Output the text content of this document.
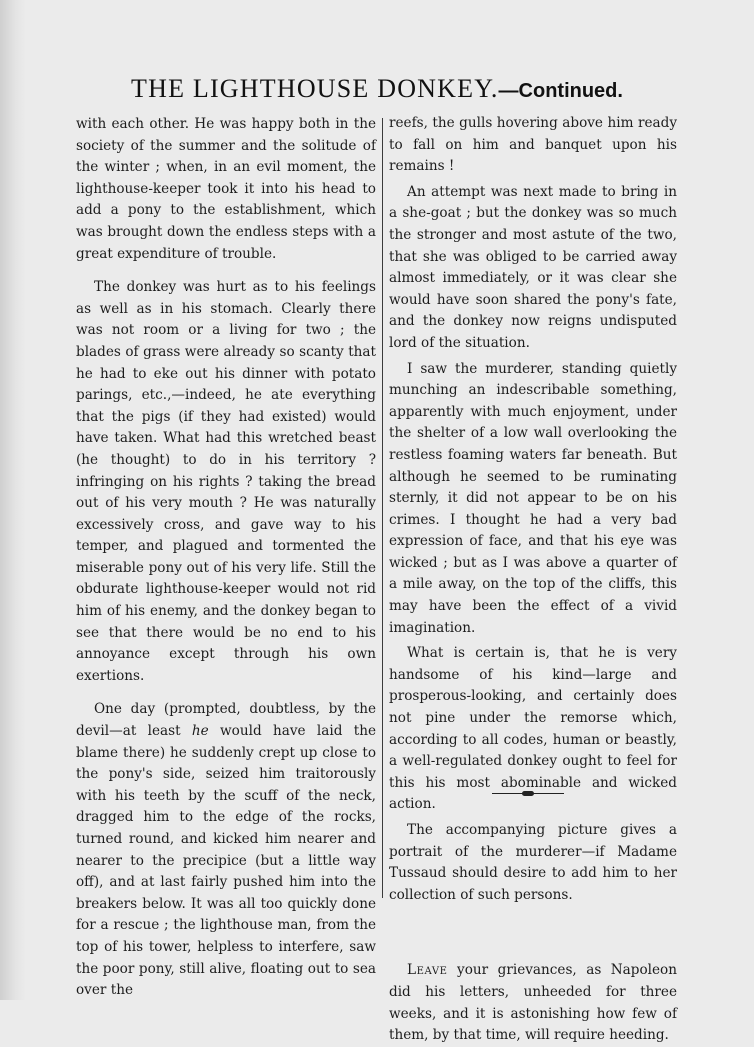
THE LIGHTHOUSE DONKEY.—Continued.

with each other. He was happy both in the society of the summer and the solitude of the winter ; when, in an evil moment, the lighthouse-keeper took it into his head to add a pony to the establishment, which was brought down the endless steps with a great expenditure of trouble.

The donkey was hurt as to his feelings as well as in his stomach. Clearly there was not room or a living for two ; the blades of grass were already so scanty that he had to eke out his dinner with potato parings, etc.,—indeed, he ate everything that the pigs (if they had existed) would have taken. What had this wretched beast (he thought) to do in his territory ? infringing on his rights ? taking the bread out of his very mouth ? He was naturally excessively cross, and gave way to his temper, and plagued and tormented the miserable pony out of his very life. Still the obdurate lighthouse-keeper would not rid him of his enemy, and the donkey began to see that there would be no end to his annoyance except through his own exertions.

One day (prompted, doubtless, by the devil—at least he would have laid the blame there) he suddenly crept up close to the pony's side, seized him traitorously with his teeth by the scuff of the neck, dragged him to the edge of the rocks, turned round, and kicked him nearer and nearer to the precipice (but a little way off), and at last fairly pushed him into the breakers below. It was all too quickly done for a rescue ; the lighthouse man, from the top of his tower, helpless to interfere, saw the poor pony, still alive, floating out to sea over the

reefs, the gulls hovering above him ready to fall on him and banquet upon his remains !

An attempt was next made to bring in a she-goat ; but the donkey was so much the stronger and most astute of the two, that she was obliged to be carried away almost immediately, or it was clear she would have soon shared the pony's fate, and the donkey now reigns undisputed lord of the situation.

I saw the murderer, standing quietly munching an indescribable something, apparently with much enjoyment, under the shelter of a low wall overlooking the restless foaming waters far beneath. But although he seemed to be ruminating sternly, it did not appear to be on his crimes. I thought he had a very bad expression of face, and that his eye was wicked ; but as I was above a quarter of a mile away, on the top of the cliffs, this may have been the effect of a vivid imagination.

What is certain is, that he is very handsome of his kind—large and prosperous-looking, and certainly does not pine under the remorse which, according to all codes, human or beastly, a well-regulated donkey ought to feel for this his most abominable and wicked action.

The accompanying picture gives a portrait of the murderer—if Madame Tussaud should desire to add him to her collection of such persons.

Leave your grievances, as Napoleon did his letters, unheeded for three weeks, and it is astonishing how few of them, by that time, will require heeding.
